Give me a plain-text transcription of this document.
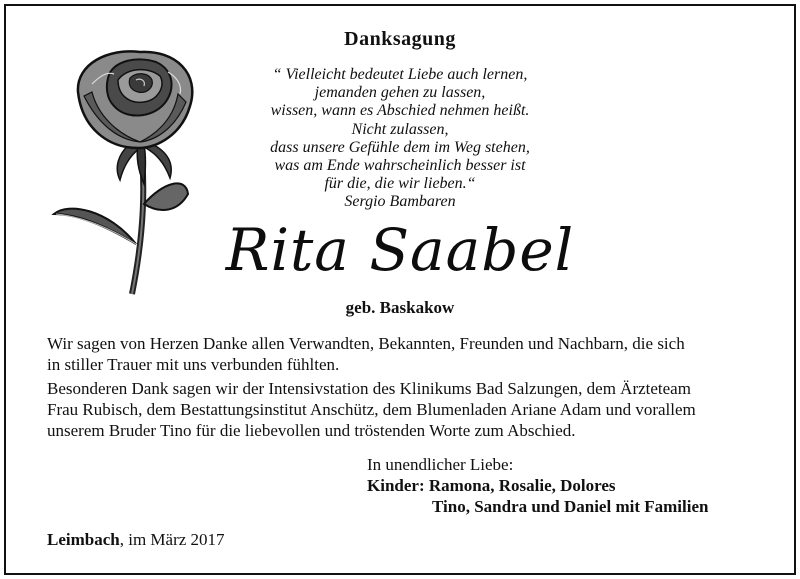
Danksagung
“ Vielleicht bedeutet Liebe auch lernen,
jemanden gehen zu lassen,
wissen, wann es Abschied nehmen heißt.
Nicht zulassen,
dass unsere Gefühle dem im Weg stehen,
was am Ende wahrscheinlich besser ist
für die, die wir lieben.“
Sergio Bambaren
Rita Saabel
geb. Baskakow
Wir sagen von Herzen Danke allen Verwandten, Bekannten, Freunden und Nachbarn, die sich
in stiller Trauer mit uns verbunden fühlten.
Besonderen Dank sagen wir der Intensivstation des Klinikums Bad Salzungen, dem Ärzteteam
Frau Rubisch, dem Bestattungsinstitut Anschütz, dem Blumenladen Ariane Adam und vorallem
unserem Bruder Tino für die liebevollen und tröstenden Worte zum Abschied.
In unendlicher Liebe:
Kinder: Ramona, Rosalie, Dolores
Tino, Sandra und Daniel mit Familien
Leimbach, im März 2017
